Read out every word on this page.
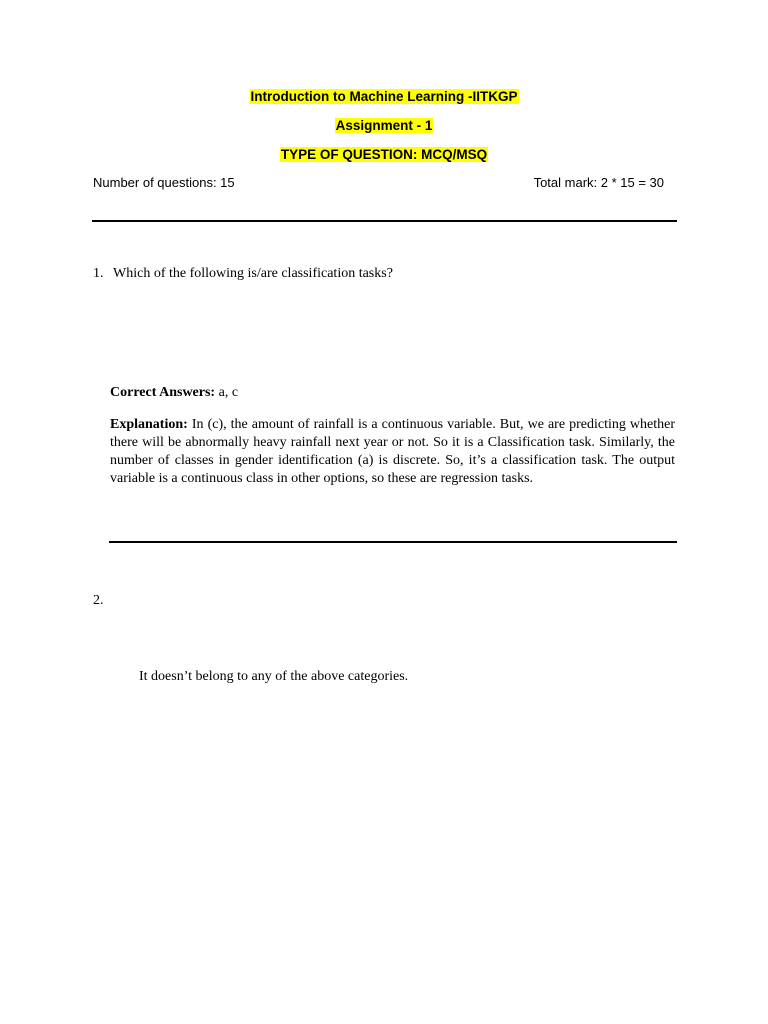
Introduction to Machine Learning -IITKGP
Assignment - 1
TYPE OF QUESTION: MCQ/MSQ
Number of questions: 15	Total mark: 2 * 15 = 30
1. Which of the following is/are classification tasks?
Correct Answers: a, c
Explanation: In (c), the amount of rainfall is a continuous variable. But, we are predicting whether there will be abnormally heavy rainfall next year or not. So it is a Classification task. Similarly, the number of classes in gender identification (a) is discrete. So, it’s a classification task. The output variable is a continuous class in other options, so these are regression tasks.
2.
It doesn’t belong to any of the above categories.
